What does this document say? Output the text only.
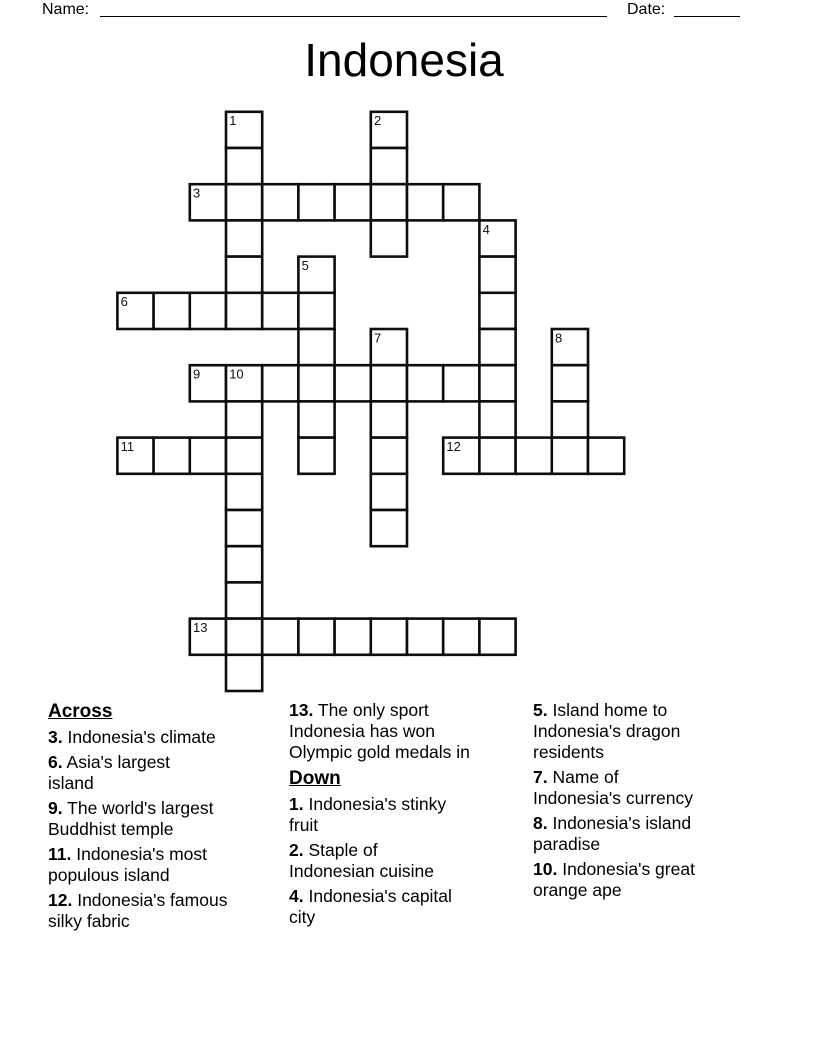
Name:	Date:
Indonesia
1	2
3
4
5
6
7	8
9 10
11	12
13
Across
3. Indonesia's climate
6. Asia's largest
island
9. The world's largest
Buddhist temple
11. Indonesia's most
populous island
12. Indonesia's famous
silky fabric
13. The only sport
Indonesia has won
Olympic gold medals in
Down
1. Indonesia's stinky
fruit
2. Staple of
Indonesian cuisine
4. Indonesia's capital
city
5. Island home to
Indonesia's dragon
residents
7. Name of
Indonesia's currency
8. Indonesia's island
paradise
10. Indonesia's great
orange ape
